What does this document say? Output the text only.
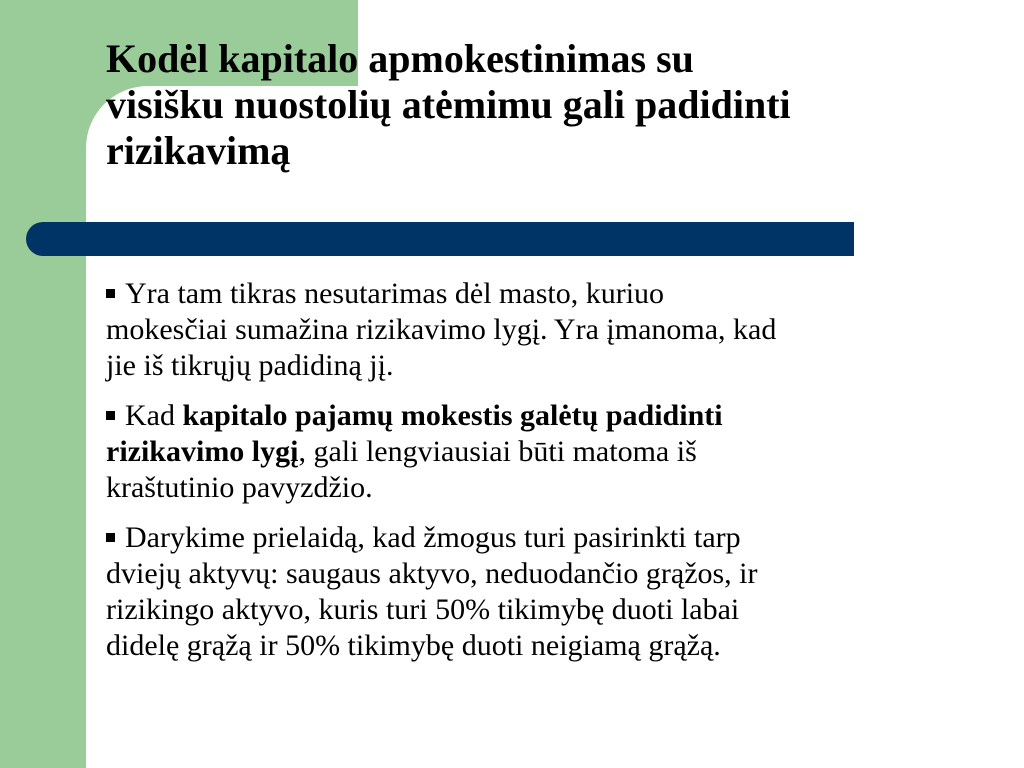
Kodėl kapitalo apmokestinimas su
visišku nuostolių atėmimu gali padidinti
rizikavimą
Yra tam tikras nesutarimas dėl masto, kuriuo
mokesčiai sumažina rizikavimo lygį. Yra įmanoma, kad
jie iš tikrųjų padidiną jį.
Kad kapitalo pajamų mokestis galėtų padidinti
rizikavimo lygį, gali lengviausiai būti matoma iš
kraštutinio pavyzdžio.
Darykime prielaidą, kad žmogus turi pasirinkti tarp
dviejų aktyvų: saugaus aktyvo, neduodančio grąžos, ir
rizikingo aktyvo, kuris turi 50% tikimybę duoti labai
didelę grąžą ir 50% tikimybę duoti neigiamą grąžą.
